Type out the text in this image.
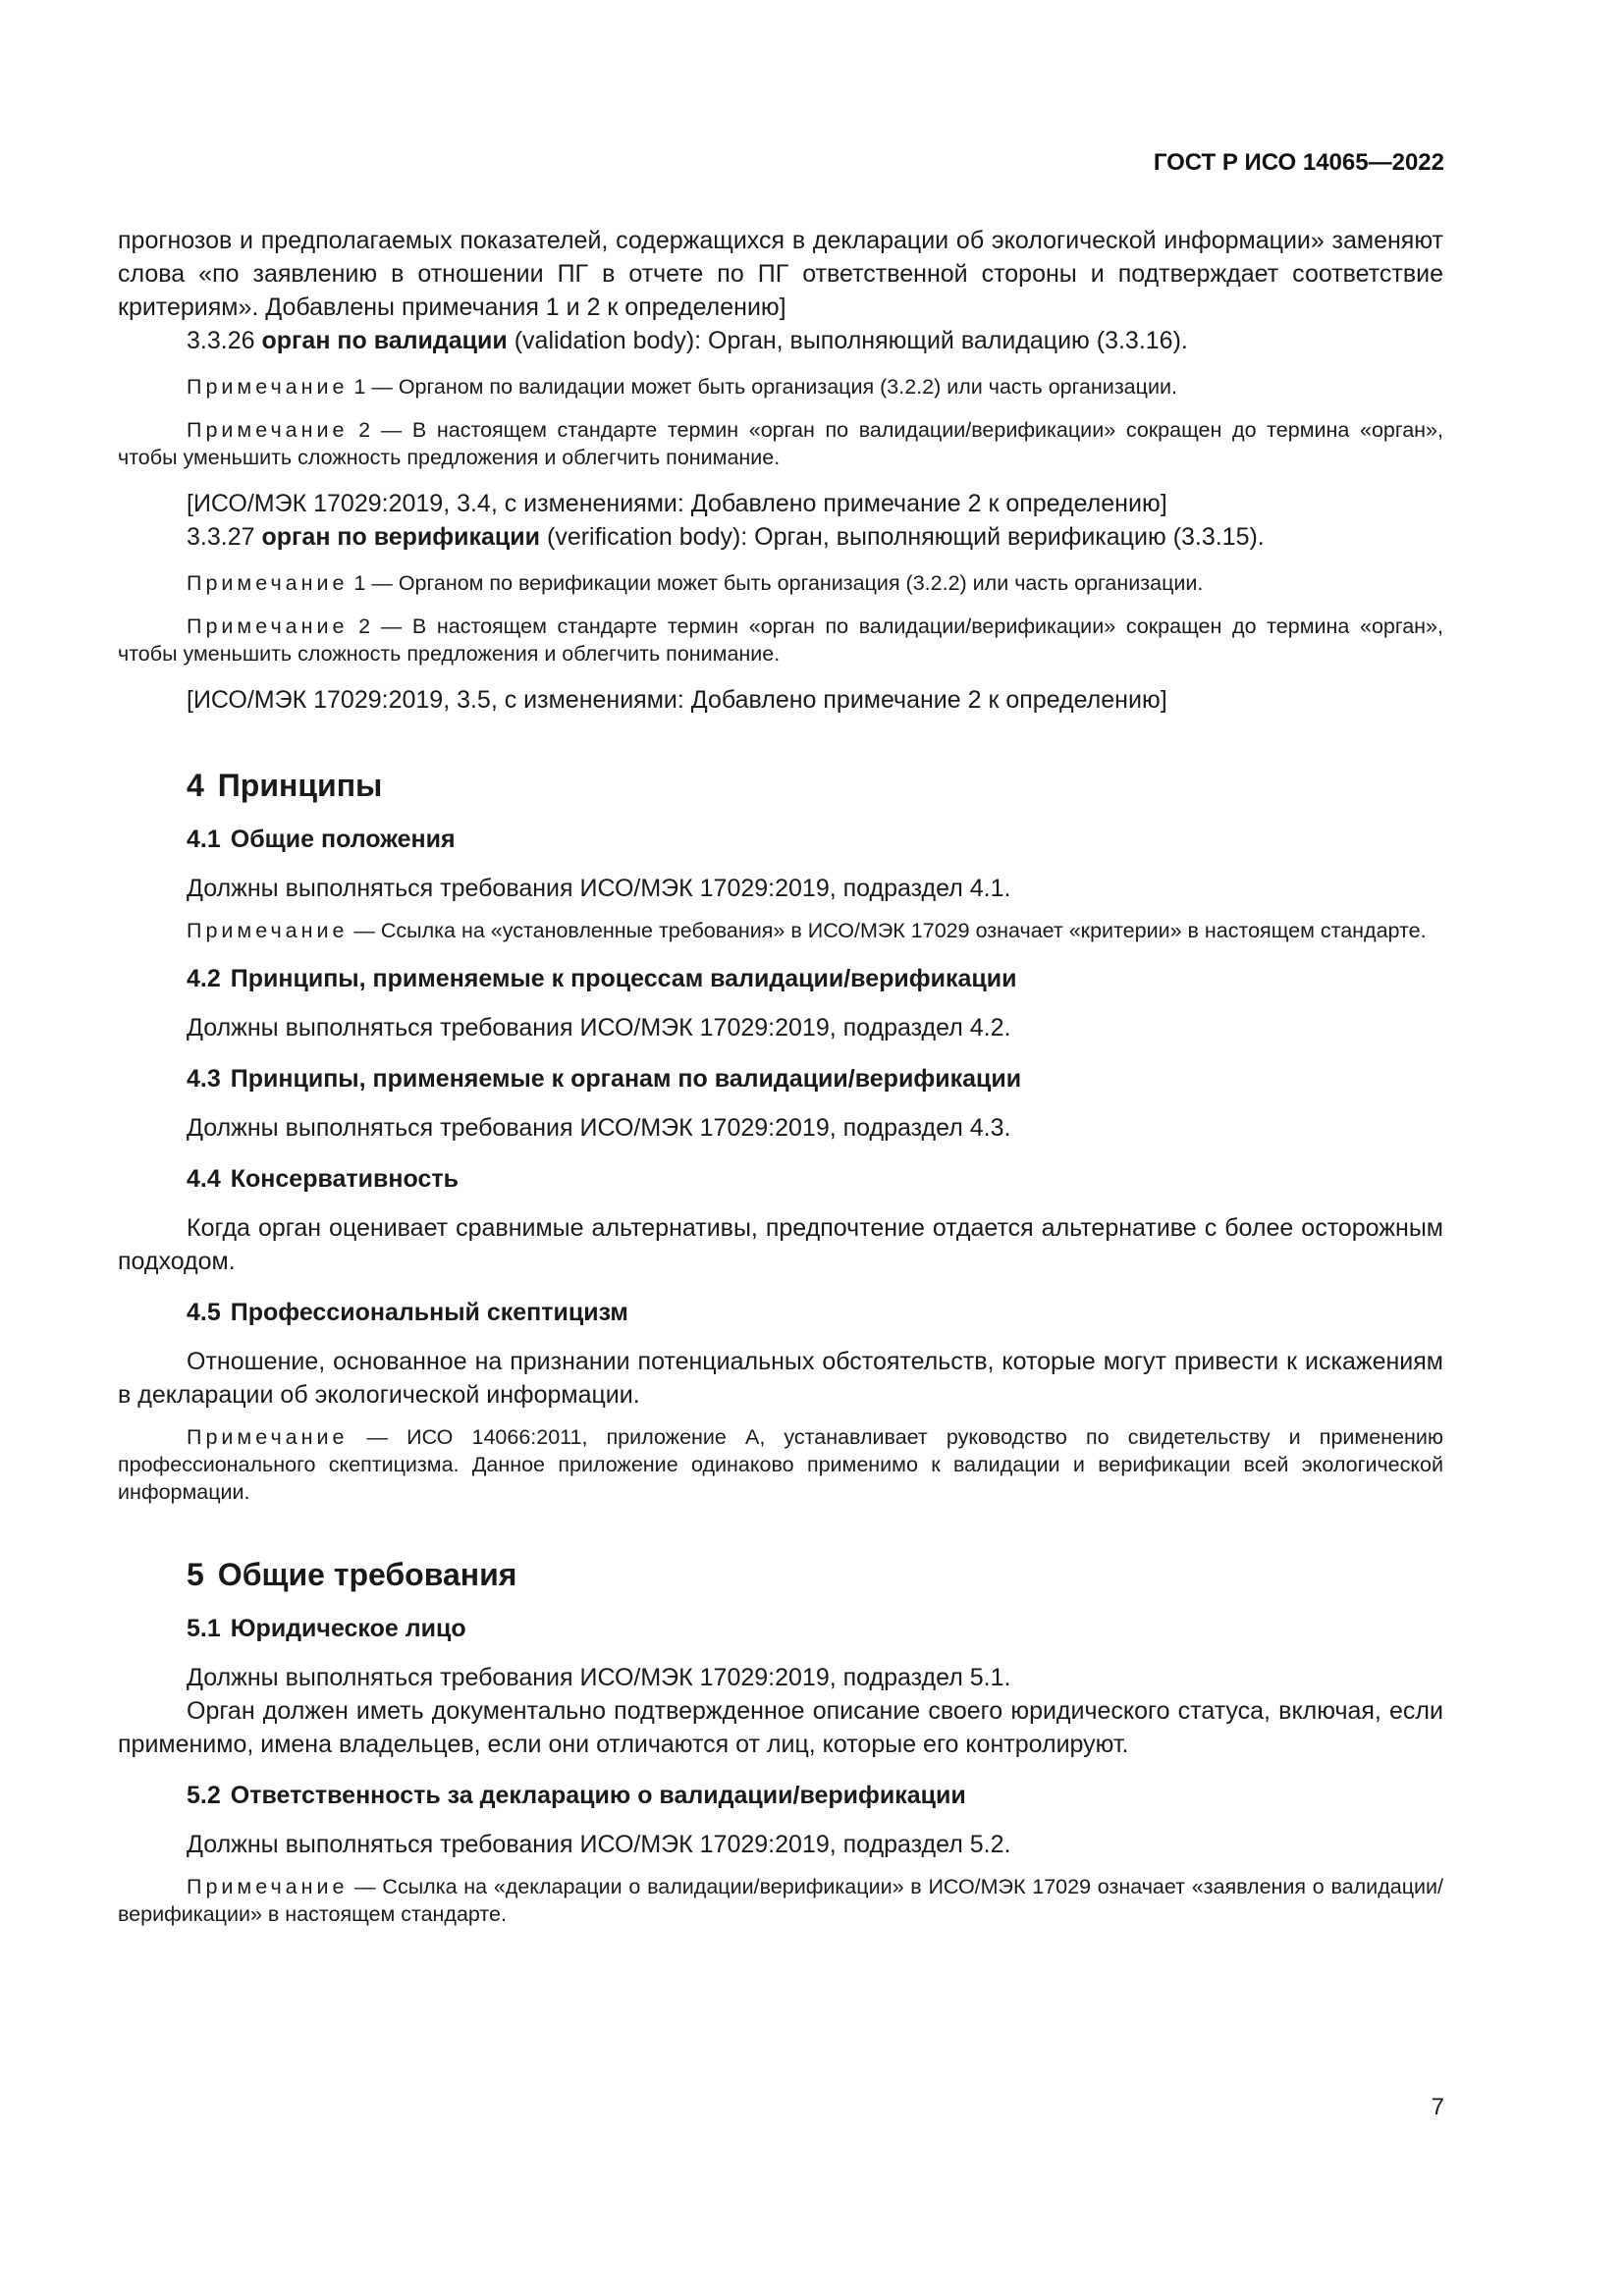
ГОСТ Р ИСО 14065—2022

прогнозов и предполагаемых показателей, содержащихся в декларации об экологической информации» заменяют слова «по заявлению в отношении ПГ в отчете по ПГ ответственной стороны и подтверждает соответствие критериям». Добавлены примечания 1 и 2 к определению]

3.3.26 орган по валидации (validation body): Орган, выполняющий валидацию (3.3.16).

Примечание 1 — Органом по валидации может быть организация (3.2.2) или часть организации.

Примечание 2 — В настоящем стандарте термин «орган по валидации/верификации» сокращен до термина «орган», чтобы уменьшить сложность предложения и облегчить понимание.

[ИСО/МЭК 17029:2019, 3.4, с изменениями: Добавлено примечание 2 к определению]

3.3.27 орган по верификации (verification body): Орган, выполняющий верификацию (3.3.15).

Примечание 1 — Органом по верификации может быть организация (3.2.2) или часть организации.

Примечание 2 — В настоящем стандарте термин «орган по валидации/верификации» сокращен до термина «орган», чтобы уменьшить сложность предложения и облегчить понимание.

[ИСО/МЭК 17029:2019, 3.5, с изменениями: Добавлено примечание 2 к определению]

4 Принципы
4.1 Общие положения

Должны выполняться требования ИСО/МЭК 17029:2019, подраздел 4.1.

Примечание — Ссылка на «установленные требования» в ИСО/МЭК 17029 означает «критерии» в настоящем стандарте.

4.2 Принципы, применяемые к процессам валидации/верификации

Должны выполняться требования ИСО/МЭК 17029:2019, подраздел 4.2.

4.3 Принципы, применяемые к органам по валидации/верификации

Должны выполняться требования ИСО/МЭК 17029:2019, подраздел 4.3.

4.4 Консервативность

Когда орган оценивает сравнимые альтернативы, предпочтение отдается альтернативе с более осторожным подходом.

4.5 Профессиональный скептицизм

Отношение, основанное на признании потенциальных обстоятельств, которые могут привести к искажениям в декларации об экологической информации.

Примечание — ИСО 14066:2011, приложение А, устанавливает руководство по свидетельству и применению профессионального скептицизма. Данное приложение одинаково применимо к валидации и верификации всей экологической информации.

5 Общие требования
5.1 Юридическое лицо

Должны выполняться требования ИСО/МЭК 17029:2019, подраздел 5.1.

Орган должен иметь документально подтвержденное описание своего юридического статуса, включая, если применимо, имена владельцев, если они отличаются от лиц, которые его контролируют.

5.2 Ответственность за декларацию о валидации/верификации

Должны выполняться требования ИСО/МЭК 17029:2019, подраздел 5.2.

Примечание — Ссылка на «декларации о валидации/верификации» в ИСО/МЭК 17029 означает «заявления о валидации/верификации» в настоящем стандарте.

7
